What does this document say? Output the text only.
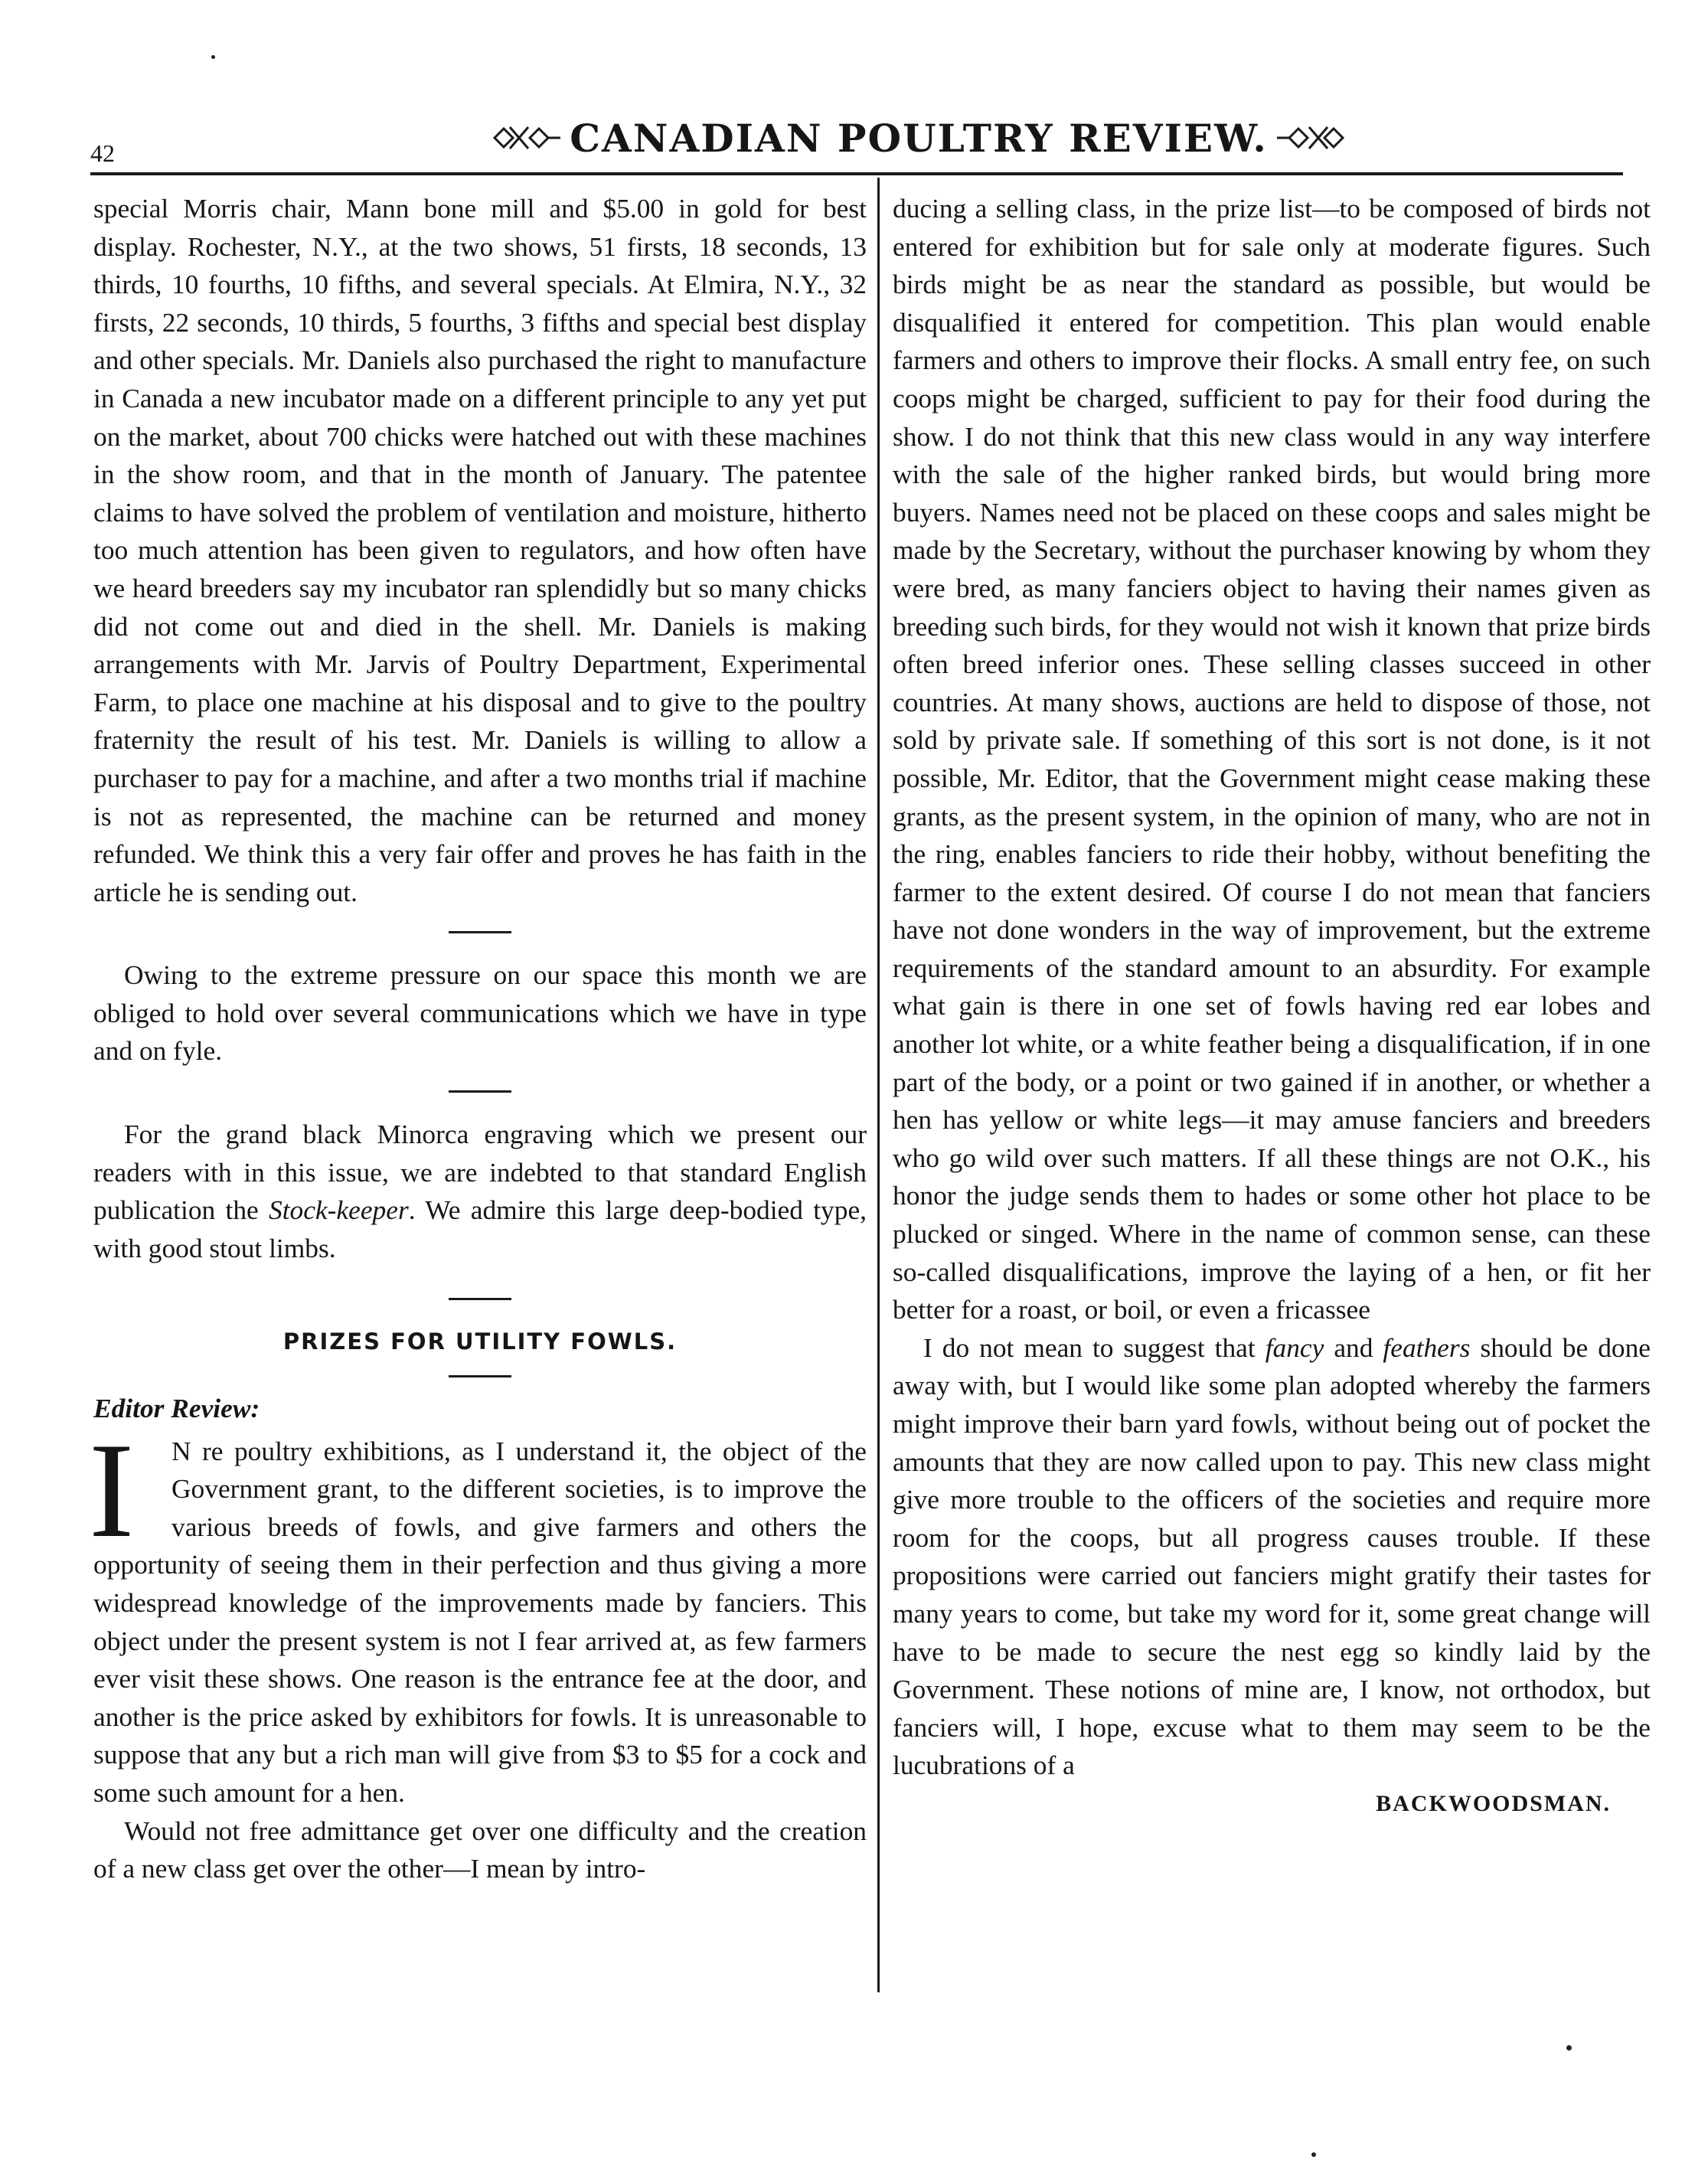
42	CANADIAN POULTRY REVIEW.

special Morris chair, Mann bone mill and $5.00 in gold for best display. Rochester, N.Y., at the two shows, 51 firsts, 18 seconds, 13 thirds, 10 fourths, 10 fifths, and several specials. At Elmira, N.Y., 32 firsts, 22 seconds, 10 thirds, 5 fourths, 3 fifths and special best display and other specials. Mr. Daniels also purchased the right to manufacture in Canada a new incubator made on a different principle to any yet put on the market, about 700 chicks were hatched out with these machines in the show room, and that in the month of January. The patentee claims to have solved the problem of ventilation and moisture, hitherto too much attention has been given to regulators, and how often have we heard breeders say my incubator ran splendidly but so many chicks did not come out and died in the shell. Mr. Daniels is making arrangements with Mr. Jarvis of Poultry Department, Experimental Farm, to place one machine at his disposal and to give to the poultry fraternity the result of his test. Mr. Daniels is willing to allow a purchaser to pay for a machine, and after a two months trial if machine is not as represented, the machine can be returned and money refunded. We think this a very fair offer and proves he has faith in the article he is sending out.

Owing to the extreme pressure on our space this month we are obliged to hold over several communications which we have in type and on fyle.

For the grand black Minorca engraving which we present our readers with in this issue, we are indebted to that standard English publication the Stock-keeper. We admire this large deep-bodied type, with good stout limbs.

PRIZES FOR UTILITY FOWLS.
Editor Review:

I	N re poultry exhibitions, as I understand it, the object of the Government grant, to the different societies, is to improve the various breeds of fowls, and give farmers and others the opportunity of seeing them in their perfection and thus giving a more widespread knowledge of the improvements made by fanciers. This object under the present system is not I fear arrived at, as few farmers ever visit these shows. One reason is the entrance fee at the door, and another is the price asked by exhibitors for fowls. It is unreasonable to suppose that any but a rich man will give from $3 to $5 for a cock and some such amount for a hen.

Would not free admittance get over one difficulty and the creation of a new class get over the other—I mean by intro-

ducing a selling class, in the prize list—to be composed of birds not entered for exhibition but for sale only at moderate figures. Such birds might be as near the standard as possible, but would be disqualified it entered for competition. This plan would enable farmers and others to improve their flocks. A small entry fee, on such coops might be charged, sufficient to pay for their food during the show. I do not think that this new class would in any way interfere with the sale of the higher ranked birds, but would bring more buyers. Names need not be placed on these coops and sales might be made by the Secretary, without the purchaser knowing by whom they were bred, as many fanciers object to having their names given as breeding such birds, for they would not wish it known that prize birds often breed inferior ones. These selling classes succeed in other countries. At many shows, auctions are held to dispose of those, not sold by private sale. If something of this sort is not done, is it not possible, Mr. Editor, that the Government might cease making these grants, as the present system, in the opinion of many, who are not in the ring, enables fanciers to ride their hobby, without benefiting the farmer to the extent desired. Of course I do not mean that fanciers have not done wonders in the way of improvement, but the extreme requirements of the standard amount to an absurdity. For example what gain is there in one set of fowls having red ear lobes and another lot white, or a white feather being a disqualification, if in one part of the body, or a point or two gained if in another, or whether a hen has yellow or white legs—it may amuse fanciers and breeders who go wild over such matters. If all these things are not O.K., his honor the judge sends them to hades or some other hot place to be plucked or singed. Where in the name of common sense, can these so-called disqualifications, improve the laying of a hen, or fit her better for a roast, or boil, or even a fricassee

I do not mean to suggest that fancy and feathers should be done away with, but I would like some plan adopted whereby the farmers might improve their barn yard fowls, without being out of pocket the amounts that they are now called upon to pay. This new class might give more trouble to the officers of the societies and require more room for the coops, but all progress causes trouble. If these propositions were carried out fanciers might gratify their tastes for many years to come, but take my word for it, some great change will have to be made to secure the nest egg so kindly laid by the Government. These notions of mine are, I know, not orthodox, but fanciers will, I hope, excuse what to them may seem to be the lucubrations of a

BACKWOODSMAN.
